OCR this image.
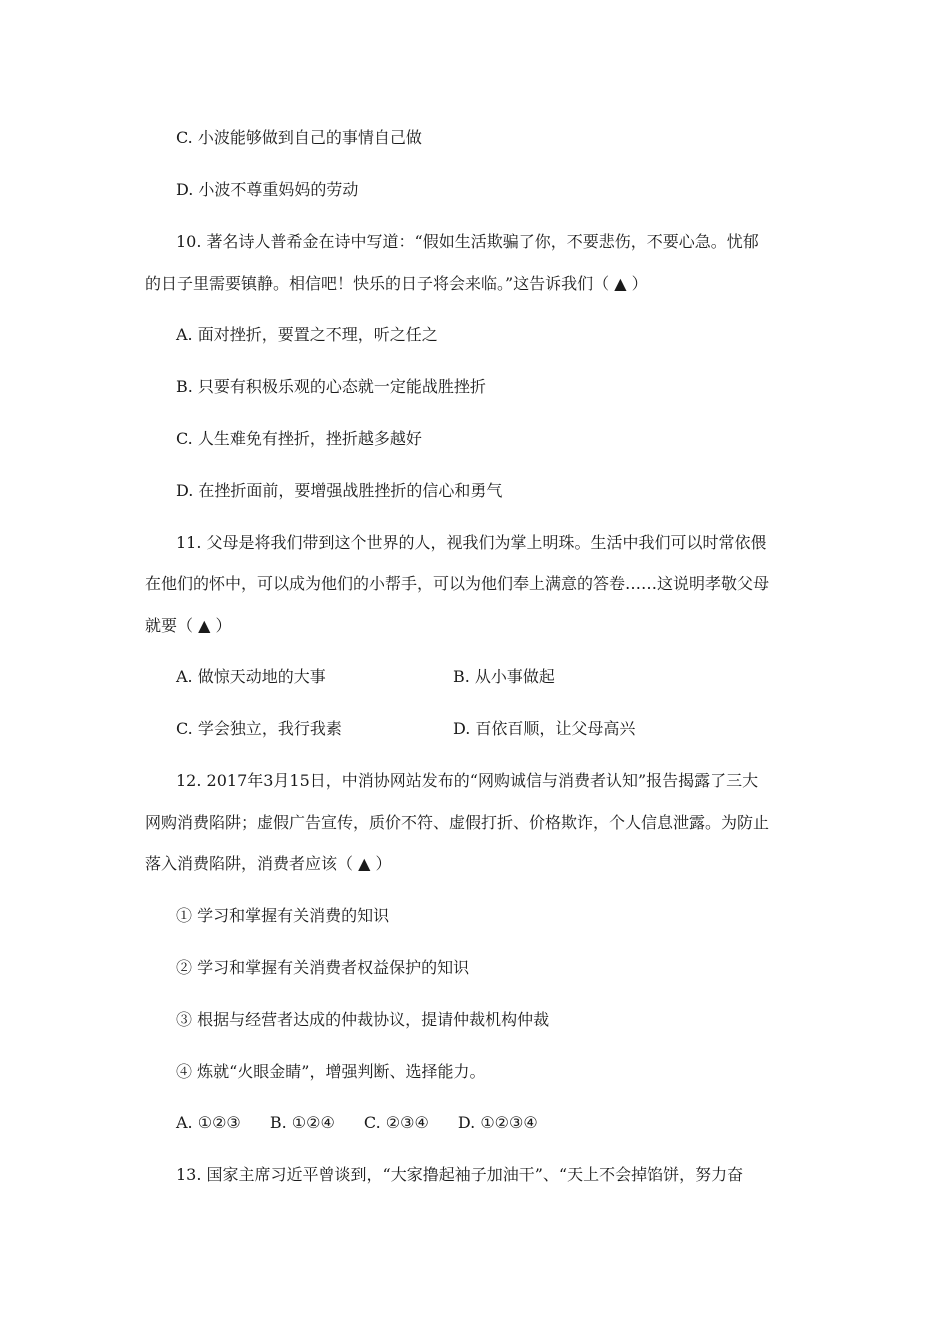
C. 小波能够做到自己的事情自己做
D. 小波不尊重妈妈的劳动
10. 著名诗人普希金在诗中写道：“假如生活欺骗了你，不要悲伤，不要心急。忧郁
的日子里需要镇静。相信吧！快乐的日子将会来临。”这告诉我们（ ▲ ）
A. 面对挫折，要置之不理，听之任之
B. 只要有积极乐观的心态就一定能战胜挫折
C. 人生难免有挫折，挫折越多越好
D. 在挫折面前，要增强战胜挫折的信心和勇气
11. 父母是将我们带到这个世界的人，视我们为掌上明珠。生活中我们可以时常依偎
在他们的怀中，可以成为他们的小帮手，可以为他们奉上满意的答卷……这说明孝敬父母
就要（ ▲ ）
A. 做惊天动地的大事	B. 从小事做起
C. 学会独立，我行我素	D. 百依百顺，让父母高兴
12. 2017年3月15日，中消协网站发布的“网购诚信与消费者认知”报告揭露了三大
网购消费陷阱；虚假广告宣传，质价不符、虚假打折、价格欺诈，个人信息泄露。为防止
落入消费陷阱，消费者应该（ ▲ ）
① 学习和掌握有关消费的知识
② 学习和掌握有关消费者权益保护的知识
③ 根据与经营者达成的仲裁协议，提请仲裁机构仲裁
④ 炼就“火眼金睛”，增强判断、选择能力。
A. ①②③ B. ①②④ C. ②③④ D. ①②③④
13. 国家主席习近平曾谈到，“大家撸起袖子加油干”、“天上不会掉馅饼，努力奋
